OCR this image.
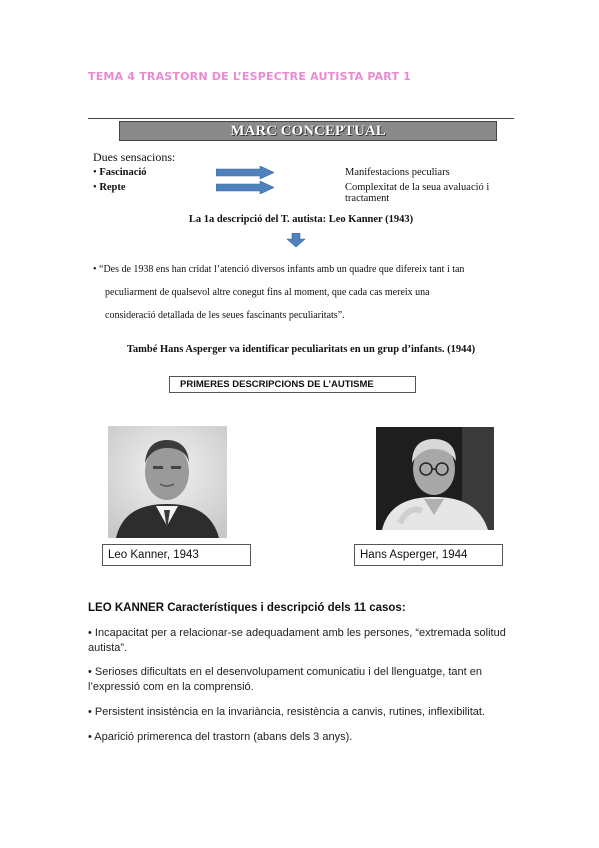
TEMA 4 TRASTORN DE L’ESPECTRE AUTISTA PART 1
MARC CONCEPTUAL
Dues sensacions:
• Fascinació	Manifestacions peculiars
• Repte	Complexitat de la seua avaluació i tractament
La 1a descripció del T. autista: Leo Kanner (1943)
• “Des de 1938 ens han cridat l’atenció diversos infants amb un quadre que difereix tant i tan
peculiarment de qualsevol altre conegut fins al moment, que cada cas mereix una
consideració detallada de les seues fascinants peculiaritats”.
També Hans Asperger va identificar peculiaritats en un grup d’infants. (1944)
PRIMERES DESCRIPCIONS DE L’AUTISME
Leo Kanner, 1943	Hans Asperger, 1944
LEO KANNER Característiques i descripció dels 11 casos:
• Incapacitat per a relacionar-se adequadament amb les persones, “extremada solitud autista”.
• Serioses dificultats en el desenvolupament comunicatiu i del llenguatge, tant en l’expressió com en la comprensió.
• Persistent insistència en la invariància, resistència a canvis, rutines, inflexibilitat.
• Aparició primerenca del trastorn (abans dels 3 anys).
